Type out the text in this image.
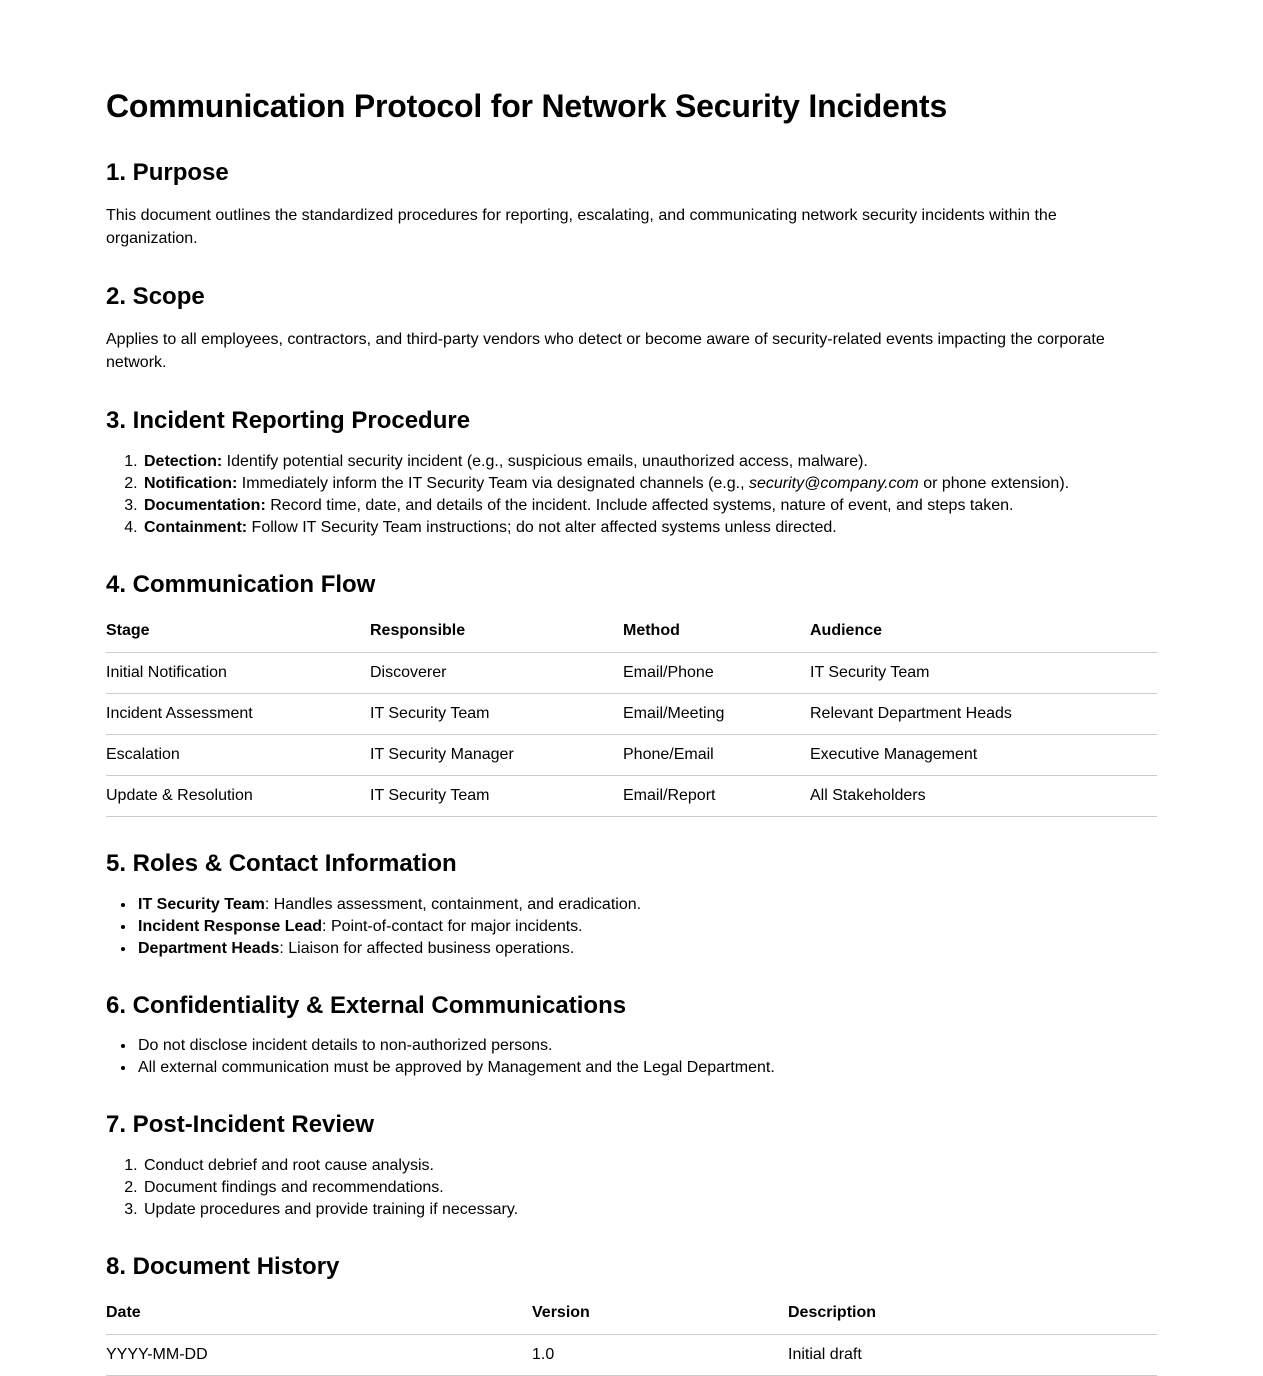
Communication Protocol for Network Security Incidents
1. Purpose

This document outlines the standardized procedures for reporting, escalating, and communicating network security incidents within the organization.

2. Scope

Applies to all employees, contractors, and third-party vendors who detect or become aware of security-related events impacting the corporate network.

3. Incident Reporting Procedure
1. Detection: Identify potential security incident (e.g., suspicious emails, unauthorized access, malware).
2. Notification: Immediately inform the IT Security Team via designated channels (e.g., security@company.com or phone extension).
3. Documentation: Record time, date, and details of the incident. Include affected systems, nature of event, and steps taken.
4. Containment: Follow IT Security Team instructions; do not alter affected systems unless directed.
4. Communication Flow
Stage	Responsible	Method	Audience
Initial Notification	Discoverer	Email/Phone	IT Security Team
Incident Assessment	IT Security Team	Email/Meeting	Relevant Department Heads
Escalation	IT Security Manager	Phone/Email	Executive Management
Update & Resolution	IT Security Team	Email/Report	All Stakeholders
5. Roles & Contact Information
• IT Security Team: Handles assessment, containment, and eradication.
• Incident Response Lead: Point-of-contact for major incidents.
• Department Heads: Liaison for affected business operations.
6. Confidentiality & External Communications
• Do not disclose incident details to non-authorized persons.
• All external communication must be approved by Management and the Legal Department.
7. Post-Incident Review
1. Conduct debrief and root cause analysis.
2. Document findings and recommendations.
3. Update procedures and provide training if necessary.
8. Document History
Date	Version	Description
YYYY-MM-DD	1.0	Initial draft
